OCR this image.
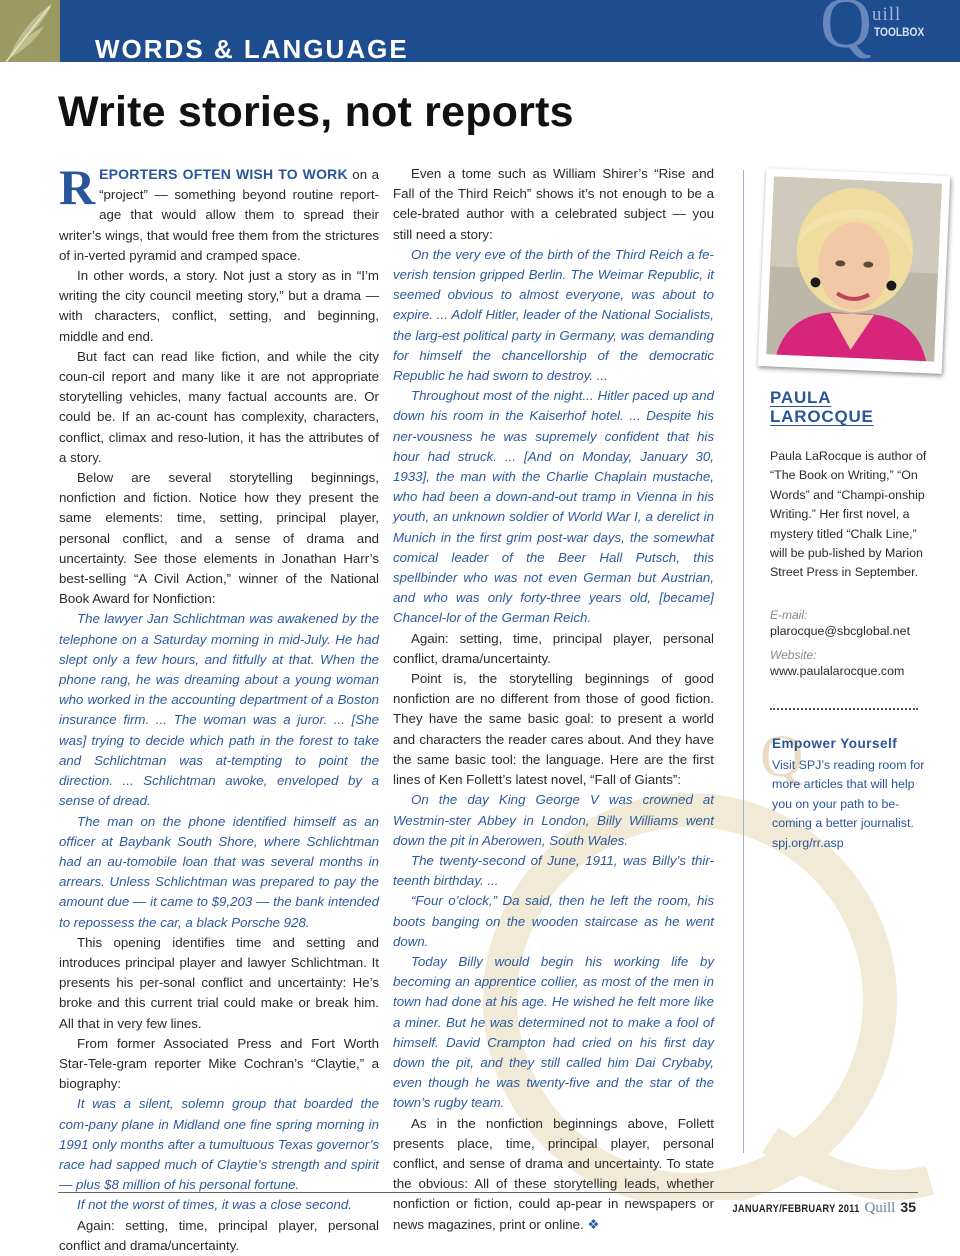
WORDS & LANGUAGE	Q uill
TOOLBOX
Write stories, not reports

REPORTERS OFTEN WISH TO WORK on a “project” — something beyond routine report-age that would allow them to spread their writer’s wings, that would free them from the strictures of in-verted pyramid and cramped space.

In other words, a story. Not just a story as in “I’m writing the city council meeting story,” but a drama — with characters, conflict, setting, and beginning, middle and end.

But fact can read like fiction, and while the city coun-cil report and many like it are not appropriate storytelling vehicles, many factual accounts are. Or could be. If an ac-count has complexity, characters, conflict, climax and reso-lution, it has the attributes of a story.

Below are several storytelling beginnings, nonfiction and fiction. Notice how they present the same elements: time, setting, principal player, personal conflict, and a sense of drama and uncertainty. See those elements in Jonathan Harr’s best-selling “A Civil Action,” winner of the National Book Award for Nonfiction:

The lawyer Jan Schlichtman was awakened by the telephone on a Saturday morning in mid-July. He had slept only a few hours, and fitfully at that. When the phone rang, he was dreaming about a young woman who worked in the accounting department of a Boston insurance firm. ... The woman was a juror. ... [She was] trying to decide which path in the forest to take and Schlichtman was at-tempting to point the direction. ... Schlichtman awoke, enveloped by a sense of dread.

The man on the phone identified himself as an officer at Baybank South Shore, where Schlichtman had an au-tomobile loan that was several months in arrears. Unless Schlichtman was prepared to pay the amount due — it came to $9,203 — the bank intended to repossess the car, a black Porsche 928.

This opening identifies time and setting and introduces principal player and lawyer Schlichtman. It presents his per-sonal conflict and uncertainty: He’s broke and this current trial could make or break him. All that in very few lines.

From former Associated Press and Fort Worth Star-Tele-gram reporter Mike Cochran’s “Claytie,” a biography:

It was a silent, solemn group that boarded the com-pany plane in Midland one fine spring morning in 1991 only months after a tumultuous Texas governor’s race had sapped much of Claytie’s strength and spirit — plus $8 million of his personal fortune.

If not the worst of times, it was a close second.

Again: setting, time, principal player, personal conflict and drama/uncertainty.

Even a tome such as William Shirer’s “Rise and Fall of the Third Reich” shows it’s not enough to be a cele-brated author with a celebrated subject — you still need a story:

On the very eve of the birth of the Third Reich a fe-verish tension gripped Berlin. The Weimar Republic, it seemed obvious to almost everyone, was about to expire. ... Adolf Hitler, leader of the National Socialists, the larg-est political party in Germany, was demanding for himself the chancellorship of the democratic Republic he had sworn to destroy. ...

Throughout most of the night... Hitler paced up and down his room in the Kaiserhof hotel. ... Despite his ner-vousness he was supremely confident that his hour had struck. ... [And on Monday, January 30, 1933], the man with the Charlie Chaplain mustache, who had been a down-and-out tramp in Vienna in his youth, an unknown soldier of World War I, a derelict in Munich in the first grim post-war days, the somewhat comical leader of the Beer Hall Putsch, this spellbinder who was not even German but Austrian, and who was only forty-three years old, [became] Chancel-lor of the German Reich.

Again: setting, time, principal player, personal conflict, drama/uncertainty.

Point is, the storytelling beginnings of good nonfiction are no different from those of good fiction. They have the same basic goal: to present a world and characters the reader cares about. And they have the same basic tool: the language. Here are the first lines of Ken Follett’s latest novel, “Fall of Giants”:

On the day King George V was crowned at Westmin-ster Abbey in London, Billy Williams went down the pit in Aberowen, South Wales.

The twenty-second of June, 1911, was Billy’s thir-teenth birthday. ...

“Four o’clock,” Da said, then he left the room, his boots banging on the wooden staircase as he went down.

Today Billy would begin his working life by becoming an apprentice collier, as most of the men in town had done at his age. He wished he felt more like a miner. But he was determined not to make a fool of himself. David Crampton had cried on his first day down the pit, and they still called him Dai Crybaby, even though he was twenty-five and the star of the town’s rugby team.

As in the nonfiction beginnings above, Follett presents place, time, principal player, personal conflict, and sense of drama and uncertainty. To state the obvious: All of these storytelling leads, whether nonfiction or fiction, could ap-pear in newspapers or news magazines, print or online. ❖

PAULA
LAROCQUE
Paula LaRocque is author of “The Book on Writing,” “On Words” and “Champi-onship Writing.” Her first novel, a mystery titled “Chalk Line,” will be pub-lished by Marion Street Press in September.
E-mail:
plarocque@sbcglobal.net
Website:
www.paulalarocque.com
Q
Empower Yourself
Visit SPJ’s reading room for more articles that will help you on your path to be-coming a better journalist.
spj.org/rr.asp
JANUARY/FEBRUARY 2011 Quill 35
